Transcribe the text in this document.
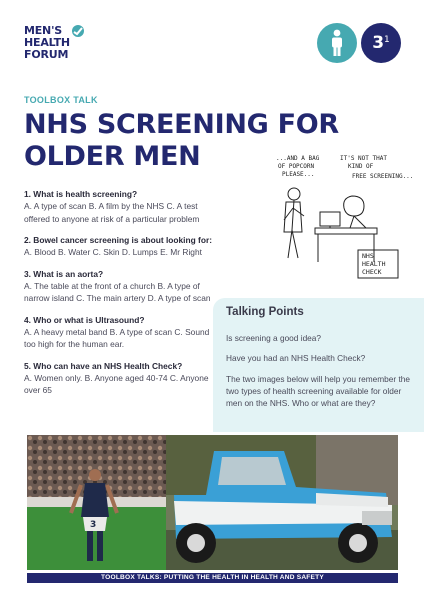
MEN'S
HEALTH
FORUM
$3^1$
TOOLBOX TALK
NHS SCREENING FOR OLDER MEN
1. What is health screening?
A. A type of scan B. A film by the NHS C. A test offered to anyone at risk of a particular problem
2. Bowel cancer screening is about looking for:
A. Blood B. Water C. Skin D. Lumps E. Mr Right
3. What is an aorta?
A. The table at the front of a church B. A type of narrow island C. The main artery D. A type of scan
4. Who or what is Ultrasound?
A. A heavy metal band B. A type of scan C. Sound too high for the human ear.
5. Who can have an NHS Health Check?
A. Women only. B. Anyone aged 40-74 C. Anyone over 65
...AND A BAG
OF POPCORN
PLEASE...
IT'S NOT THAT
KIND OF
FREE SCREENING...
NHS
HEALTH
CHECK
Talking Points
Is screening a good idea?
Have you had an NHS Health Check?
The two images below will help you remember the two types of health screening available for older men on the NHS. Who or what are they?
3
TOOLBOX TALKS: PUTTING THE HEALTH IN HEALTH AND SAFETY
